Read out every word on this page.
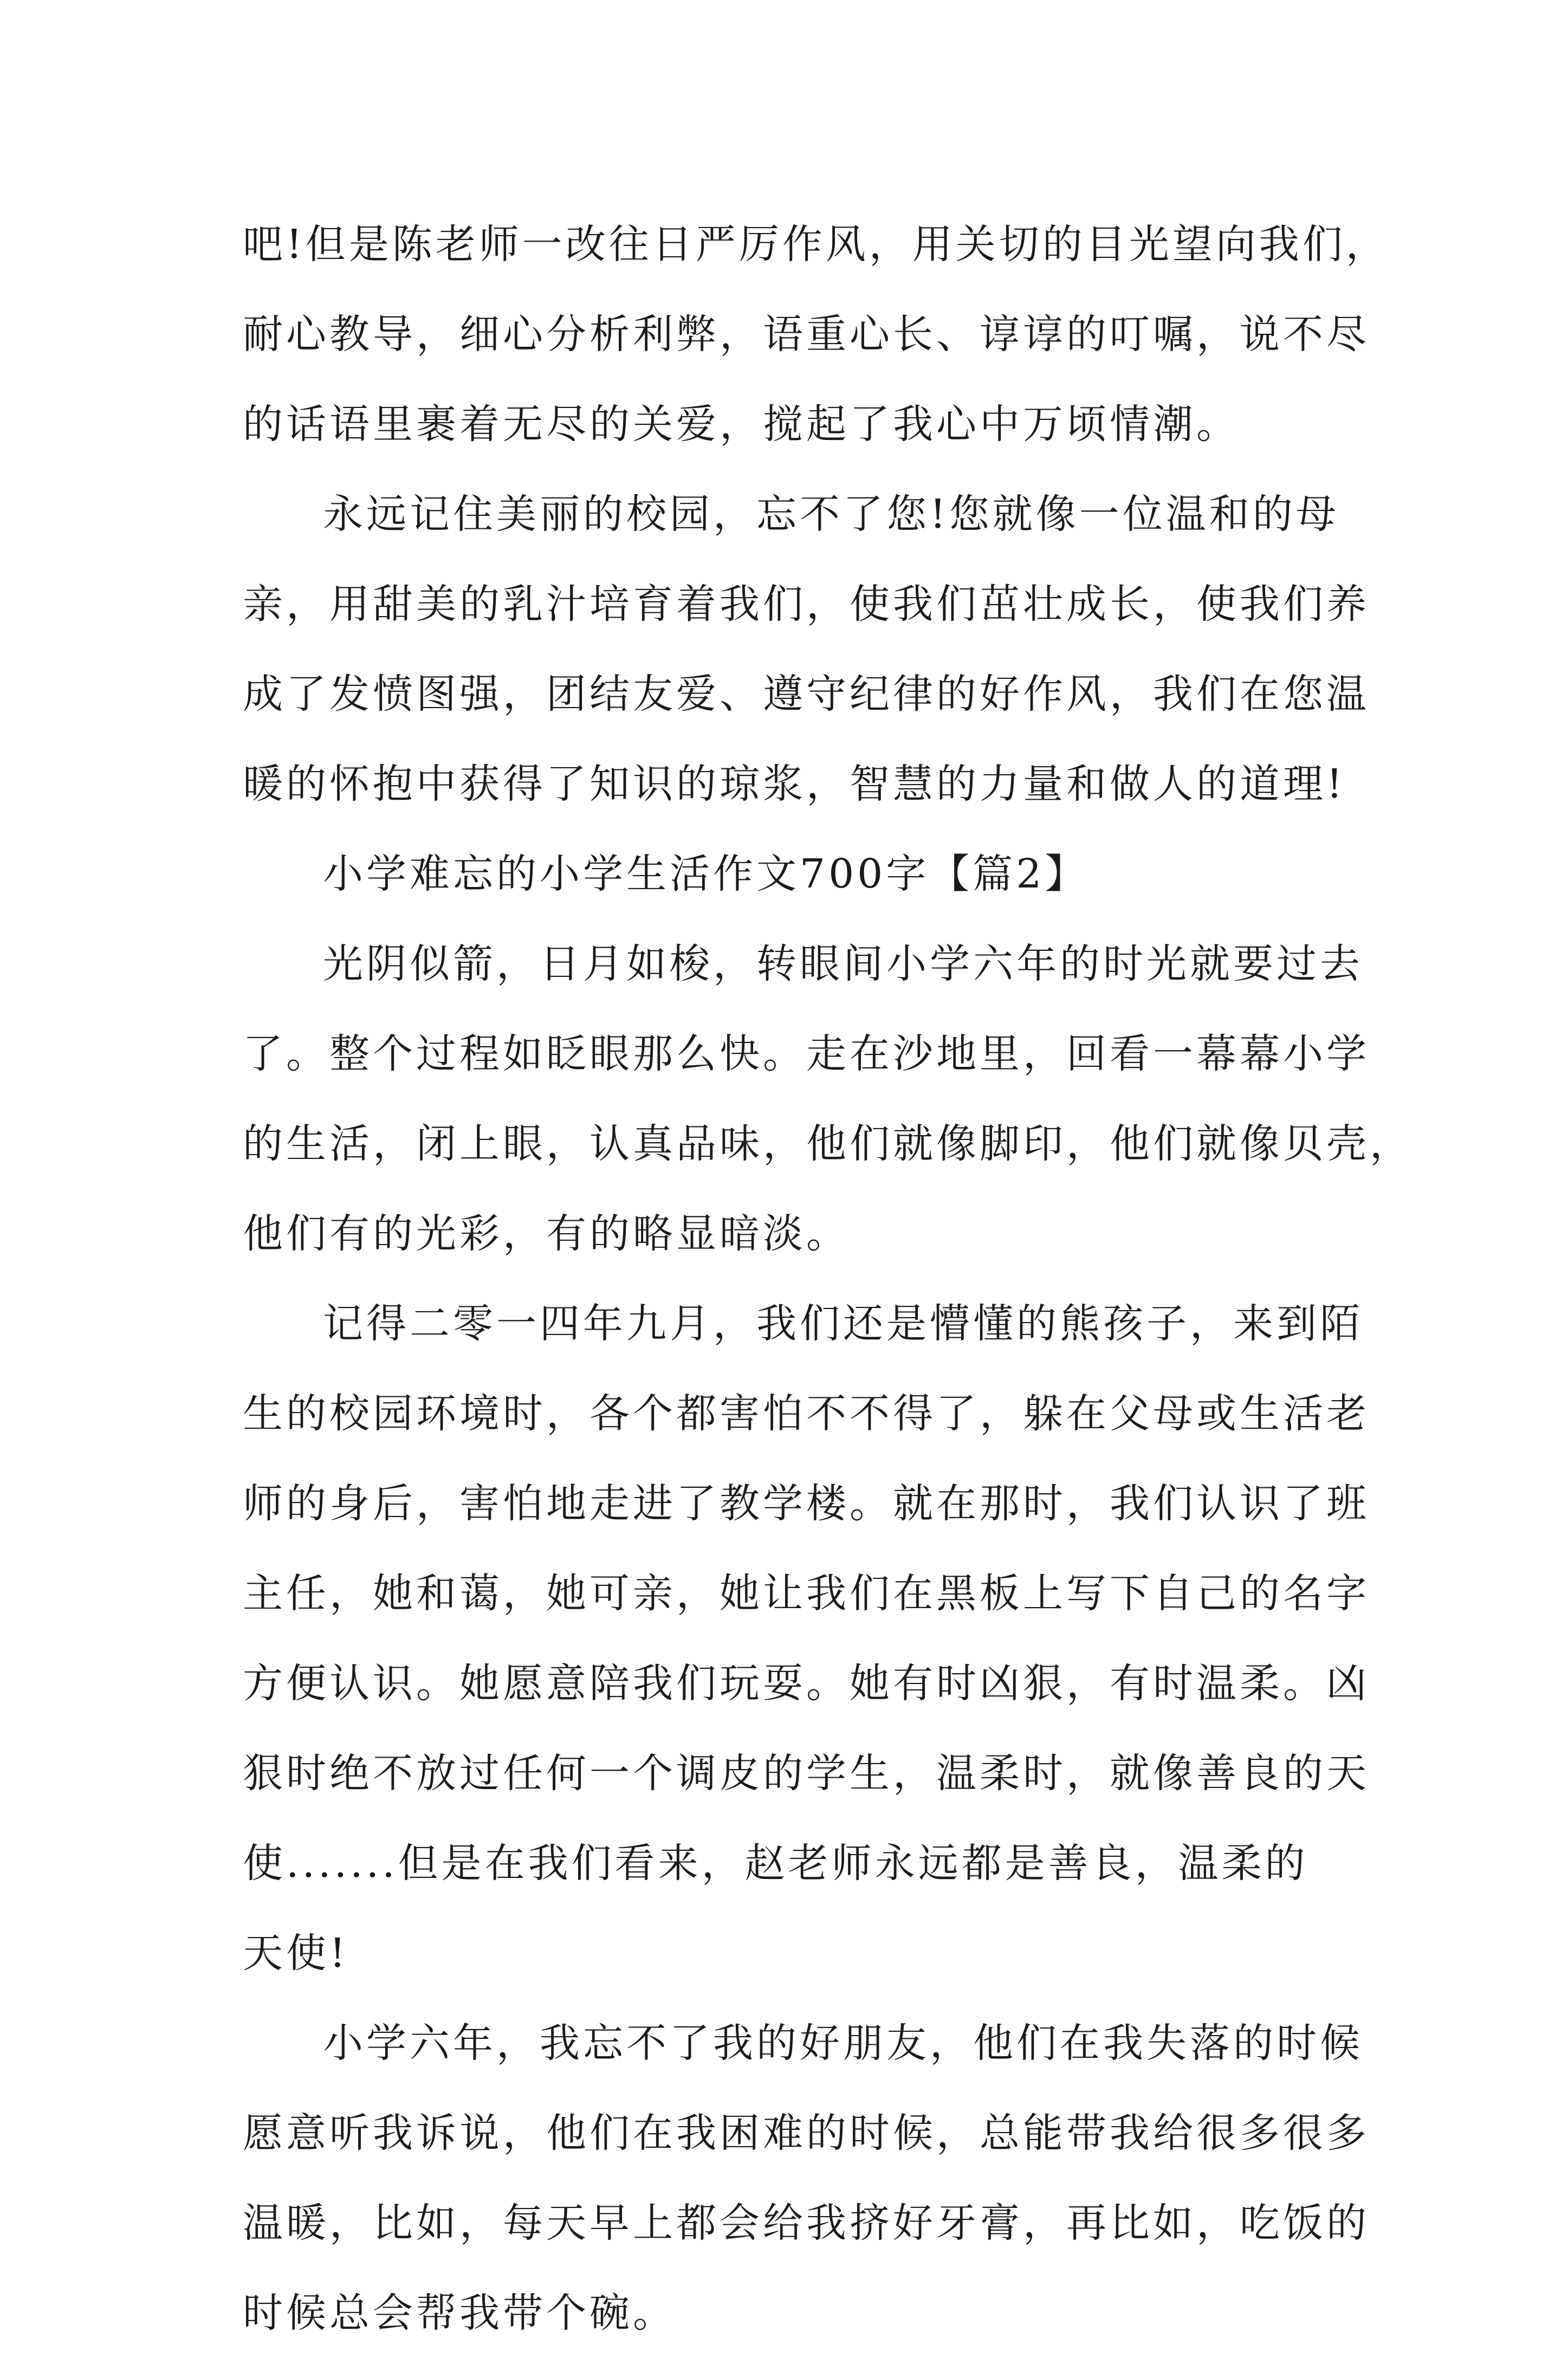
吧!但是陈老师一改往日严厉作风，用关切的目光望向我们，
耐心教导，细心分析利弊，语重心长、谆谆的叮嘱，说不尽
的话语里裹着无尽的关爱，搅起了我心中万顷情潮。
永远记住美丽的校园，忘不了您!您就像一位温和的母
亲，用甜美的乳汁培育着我们，使我们茁壮成长，使我们养
成了发愤图强，团结友爱、遵守纪律的好作风，我们在您温
暖的怀抱中获得了知识的琼浆，智慧的力量和做人的道理!
小学难忘的小学生活作文700字【篇2】
光阴似箭，日月如梭，转眼间小学六年的时光就要过去
了。整个过程如眨眼那么快。走在沙地里，回看一幕幕小学
的生活，闭上眼，认真品味，他们就像脚印，他们就像贝壳，
他们有的光彩，有的略显暗淡。
记得二零一四年九月，我们还是懵懂的熊孩子，来到陌
生的校园环境时，各个都害怕不不得了，躲在父母或生活老
师的身后，害怕地走进了教学楼。就在那时，我们认识了班
主任，她和蔼，她可亲，她让我们在黑板上写下自己的名字
方便认识。她愿意陪我们玩耍。她有时凶狠，有时温柔。凶
狠时绝不放过任何一个调皮的学生，温柔时，就像善良的天
使.......但是在我们看来，赵老师永远都是善良，温柔的
天使!
小学六年，我忘不了我的好朋友，他们在我失落的时候
愿意听我诉说，他们在我困难的时候，总能带我给很多很多
温暖，比如，每天早上都会给我挤好牙膏，再比如，吃饭的
时候总会帮我带个碗。
